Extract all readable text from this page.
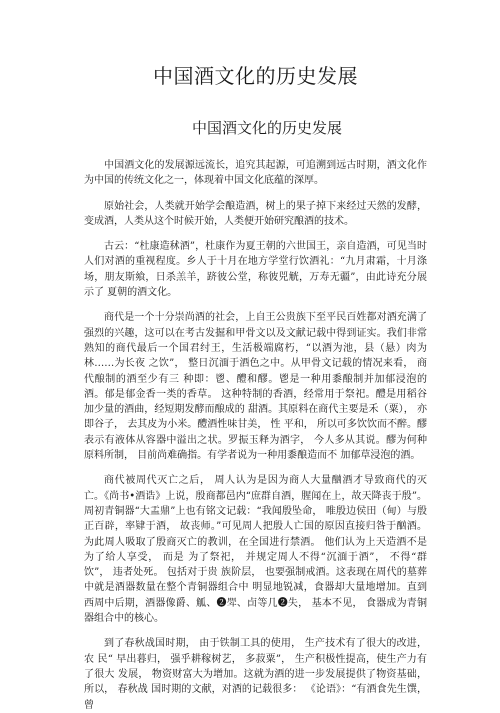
中国酒文化的历史发展
中国酒文化的历史发展

中国酒文化的发展源远流长，追究其起源，可追溯到远古时期，酒文化作为中国的传统文化之一，体现着中国文化底蕴的深厚。

原始社会，人类就开始学会酿造酒，树上的果子掉下来经过天然的发酵，变成酒，人类从这个时候开始，人类便开始研究酿酒的技术。

古云：“杜康造秫酒”，杜康作为夏王朝的六世国王，亲自造酒，可见当时人们对酒的重视程度。乡人于十月在地方学堂行饮酒礼：“九月肃霜，十月涤 场，朋友斯飨，日杀羔羊，跻彼公堂，称彼兕觥，万寿无疆”，由此诗充分展示了 夏朝的酒文化。

商代是一个十分崇尚酒的社会，上自王公贵族下至平民百姓都对酒充满了强烈的兴趣，这可以在考古发掘和甲骨文以及文献记载中得到证实。我们非常熟知的商代最后一个国君纣王，生活极端腐朽，“以酒为池，县（悬）肉为林……为长夜 之饮”， 整日沉湎于酒色之中。从甲骨文记载的情况来看， 商代酿制的酒至少有三 种即：鬯、醴和醪。鬯是一种用黍酿制并加郁浸泡的酒。郁是郁金香一类的香草。 这种特制的香酒，经常用于祭祀。醴是用稻谷加少量的酒曲，经短期发酵而酿成的 甜酒。其原料在商代主要是禾（粟）， 亦即谷子， 去其皮为小米。醴酒性味甘美， 性 平和， 所以可多饮饮而不醉。醪表示有液体从容器中溢出之状。罗振玉释为酒字， 今人多从其说。醪为何种原料所制， 目前尚难确指。有学者说为一种用黍酿造而不 加郁草浸泡的酒。

商代被周代灭亡之后， 周人认为是因为商人大量酗酒才导致商代的灭亡。《尚书•酒诰》上说，殷商都邑内“庶群自酒，腥闻在上，故天降丧于殷”。周初青铜器“大盂鼎”上也有铭文记载：“我闻殷坠命， 唯殷边侯田（甸）与殷正百辟，率肄于酒， 故丧师。”可见周人把殷人亡国的原因直接归咎于酗酒。为此周人吸取了殷商灭亡的教训，在全国进行禁酒。 他们认为上天造酒不是为了给人享受， 而是 为了祭祀， 并规定周人不得“沉湎于酒”， 不得“群饮”， 违者处死。 包括对于贵 族阶层， 也要强制戒酒。这表现在周代的墓葬中就是酒器数量在整个青铜器组合中 明显地锐减，食器却大量地增加。直到西周中后期，酒器像爵、觚、❷斝、卣等几❷失， 基本不见， 食器成为青铜器组合中的核心。

到了春秋战国时期， 由于铁制工具的使用， 生产技术有了很大的改进，农 民“ 早出暮归， 强乎耕稼树艺， 多菽粟”， 生产积极性提高，使生产力有了很大 发展， 物资财富大为增加。这就为酒的进一步发展提供了物资基础， 所以， 春秋战 国时期的文献，对酒的记载很多： 《论语》：“有酒食先生馔， 曾
